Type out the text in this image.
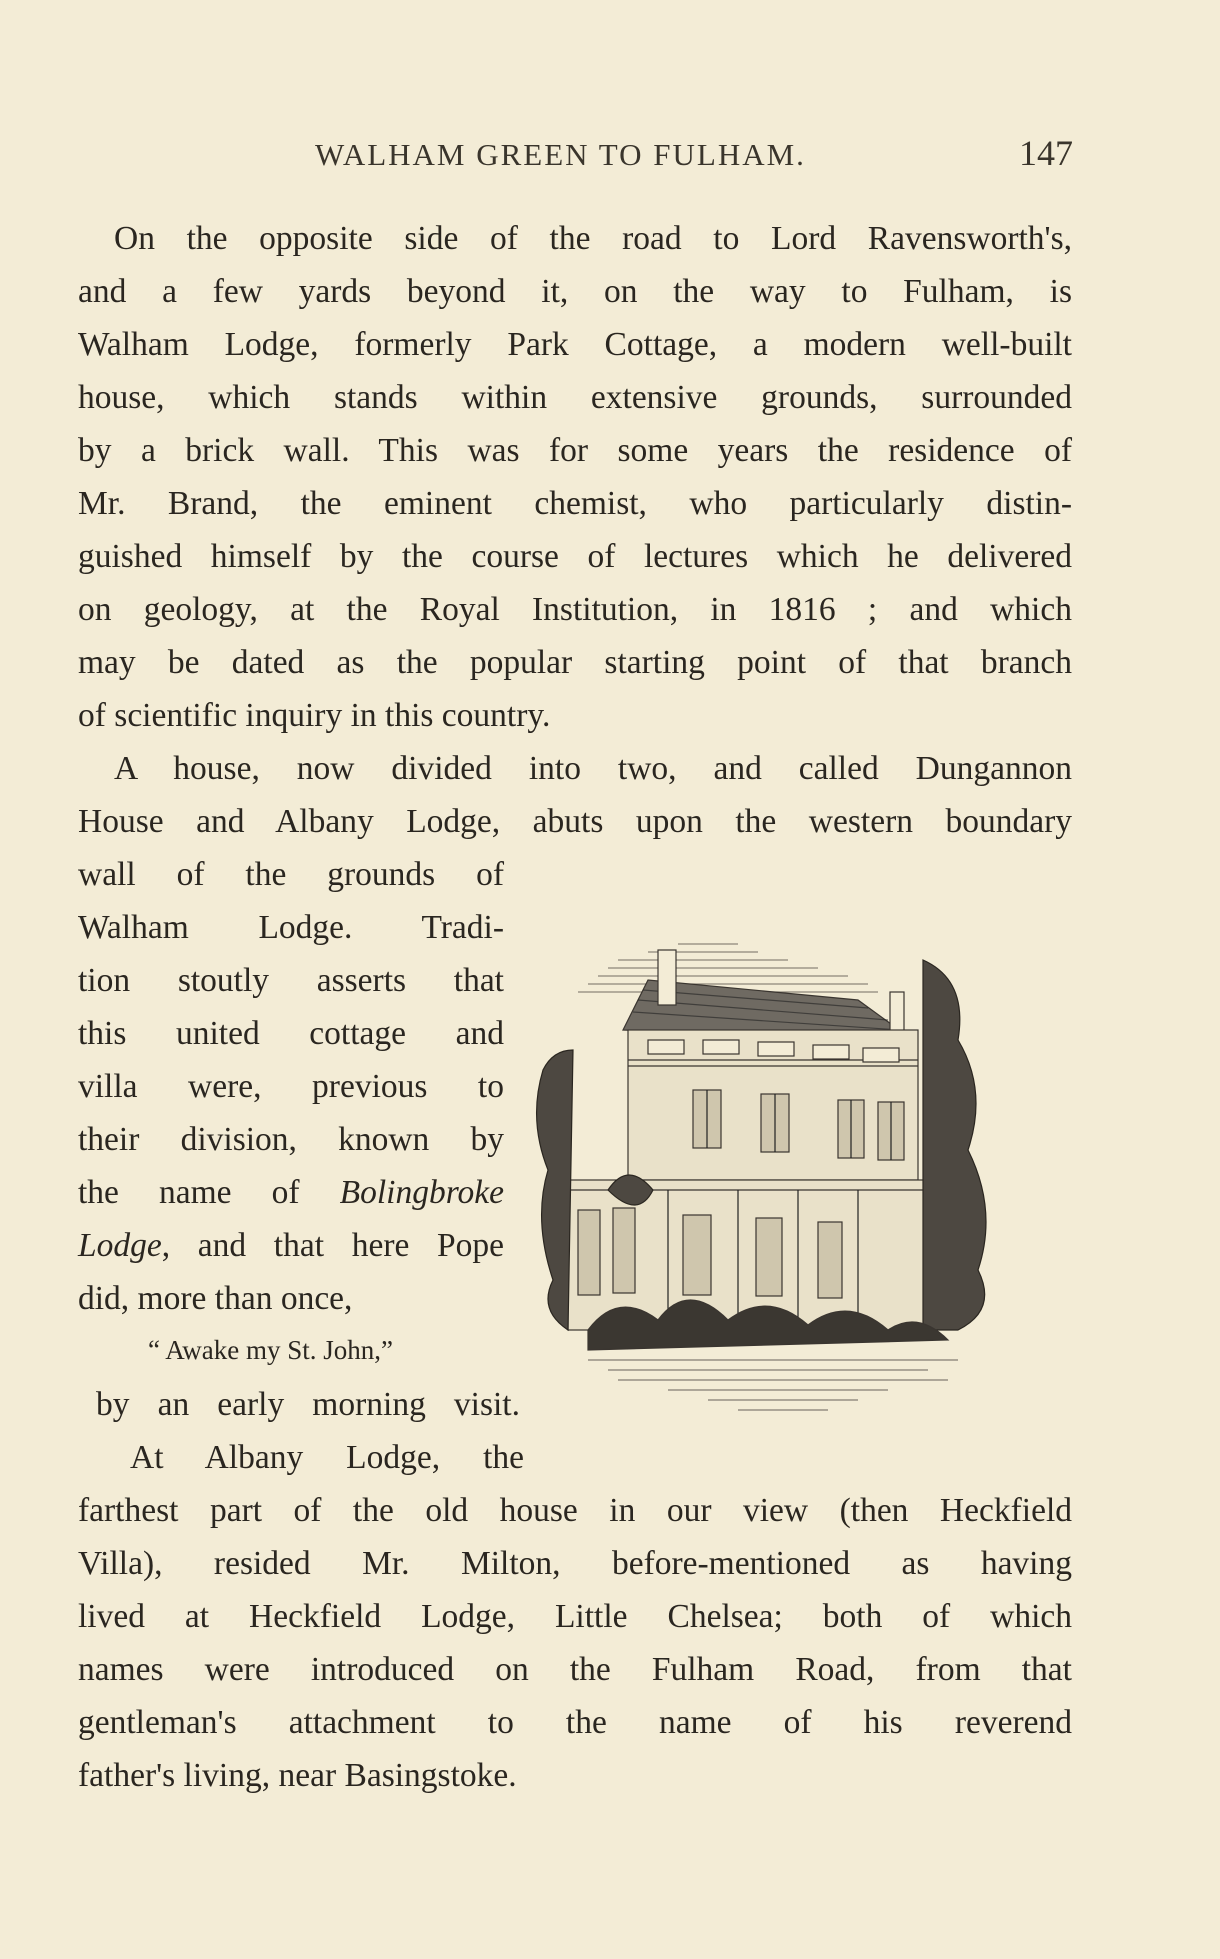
WALHAM GREEN TO FULHAM.	147
On the opposite side of the road to Lord Ravensworth's,
and a few yards beyond it, on the way to Fulham, is
Walham Lodge, formerly Park Cottage, a modern well-built
house, which stands within extensive grounds, surrounded
by a brick wall. This was for some years the residence of
Mr. Brand, the eminent chemist, who particularly distin-
guished himself by the course of lectures which he delivered
on geology, at the Royal Institution, in 1816 ; and which
may be dated as the popular starting point of that branch
of scientific inquiry in this country.
A house, now divided into two, and called Dungannon
House and Albany Lodge, abuts upon the western boundary
wall of the grounds of
Walham Lodge. Tradi-
tion stoutly asserts that
this united cottage and
villa were, previous to
their division, known by
the name of Bolingbroke
Lodge, and that here Pope
did, more than once,
“ Awake my St. John,”
by an early morning visit.
At Albany Lodge, the
farthest part of the old house in our view (then Heckfield
Villa), resided Mr. Milton, before-mentioned as having
lived at Heckfield Lodge, Little Chelsea; both of which
names were introduced on the Fulham Road, from that
gentleman's attachment to the name of his reverend
father's living, near Basingstoke.
